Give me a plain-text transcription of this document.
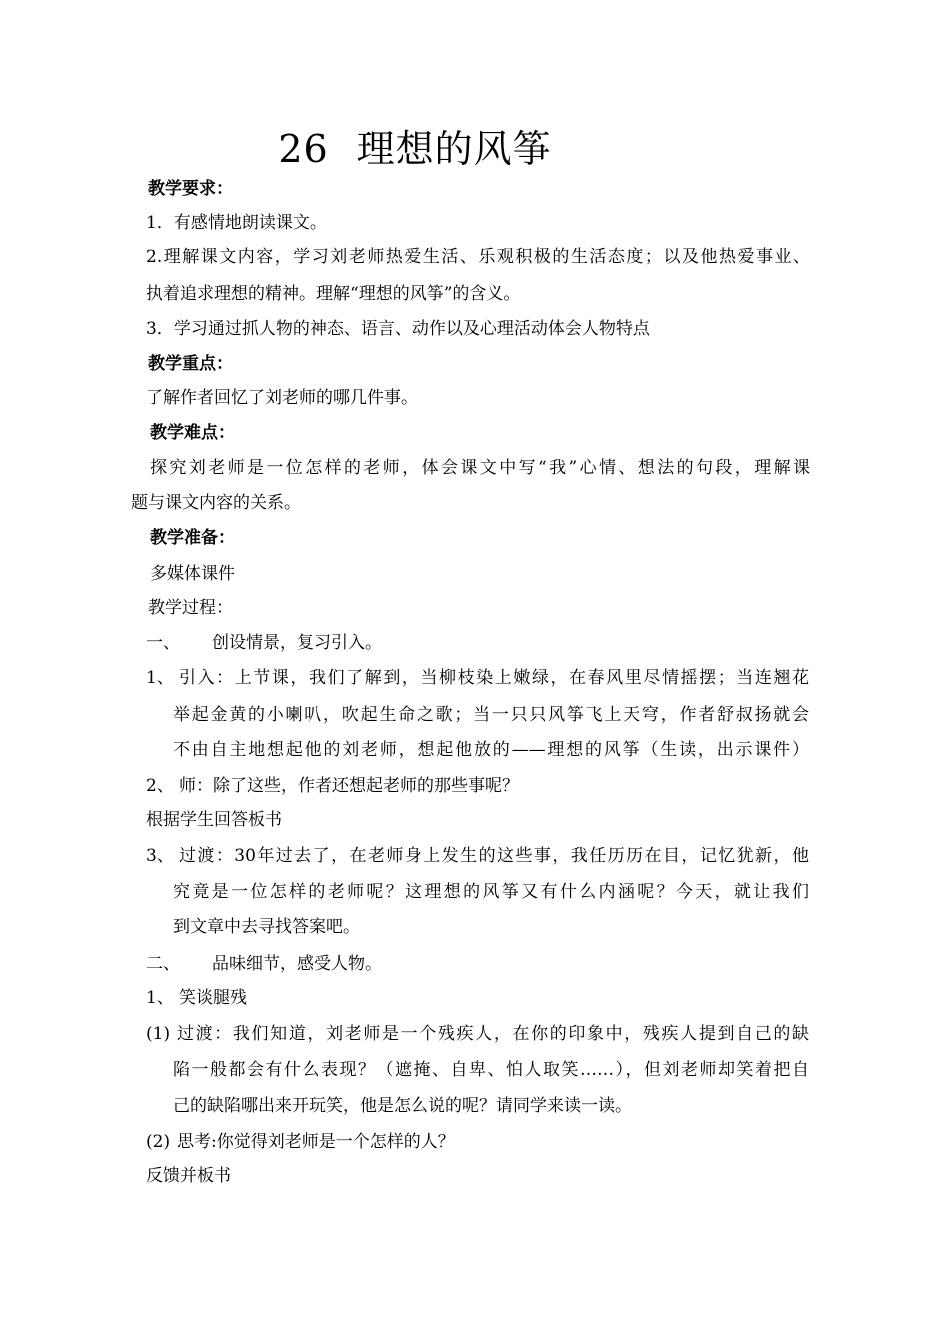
26 理想的风筝
教学要求：
1．有感情地朗读课文。
2.理解课文内容，学习刘老师热爱生活、乐观积极的生活态度；以及他热爱事业、
执着追求理想的精神。理解“理想的风筝”的含义。
3．学习通过抓人物的神态、语言、动作以及心理活动体会人物特点
教学重点：
了解作者回忆了刘老师的哪几件事。
教学难点：
探究刘老师是一位怎样的老师，体会课文中写“我”心情、想法的句段，理解课
题与课文内容的关系。
教学准备：
多媒体课件
教学过程：
一、 创设情景，复习引入。
1、 引入：上节课，我们了解到，当柳枝染上嫩绿，在春风里尽情摇摆；当连翘花
举起金黄的小喇叭，吹起生命之歌；当一只只风筝飞上天穹，作者舒叔扬就会
不由自主地想起他的刘老师，想起他放的——理想的风筝（生读，出示课件）
2、 师：除了这些，作者还想起老师的那些事呢？
根据学生回答板书
3、 过渡：30年过去了，在老师身上发生的这些事，我任历历在目，记忆犹新，他
究竟是一位怎样的老师呢？这理想的风筝又有什么内涵呢？今天，就让我们
到文章中去寻找答案吧。
二、 品味细节，感受人物。
1、 笑谈腿残
(1) 过渡：我们知道，刘老师是一个残疾人，在你的印象中，残疾人提到自己的缺
陷一般都会有什么表现？（遮掩、自卑、怕人取笑……），但刘老师却笑着把自
己的缺陷哪出来开玩笑，他是怎么说的呢？请同学来读一读。
(2) 思考:你觉得刘老师是一个怎样的人？
反馈并板书
